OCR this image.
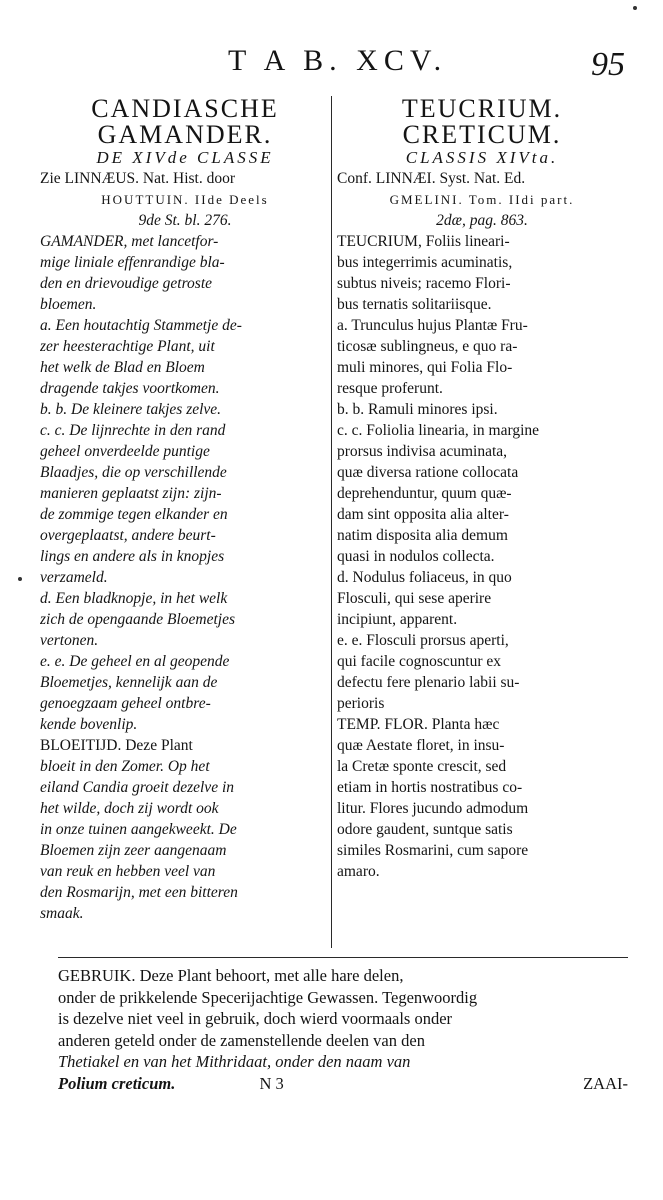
T A B. XCV.	95
CANDIASCHE
GAMANDER.
DE XIVde CLASSE
Zie LINNÆUS. Nat. Hist. door
HOUTTUIN. IIde Deels
9de St. bl. 276.
GAMANDER, met lancetfor-
mige liniale effenrandige bla-
den en drievoudige getroste
bloemen.
a. Een houtachtig Stammetje de-
zer heesterachtige Plant, uit
het welk de Blad en Bloem
dragende takjes voortkomen.
b. b. De kleinere takjes zelve.
c. c. De lijnrechte in den rand
geheel onverdeelde puntige
Blaadjes, die op verschillende
manieren geplaatst zijn: zijn-
de zommige tegen elkander en
overgeplaatst, andere beurt-
lings en andere als in knopjes
verzameld.
d. Een bladknopje, in het welk
zich de opengaande Bloemetjes
vertonen.
e. e. De geheel en al geopende
Bloemetjes, kennelijk aan de
genoegzaam geheel ontbre-
kende bovenlip.
BLOEITIJD. Deze Plant
bloeit in den Zomer. Op het
eiland Candia groeit dezelve in
het wilde, doch zij wordt ook
in onze tuinen aangekweekt. De
Bloemen zijn zeer aangenaam
van reuk en hebben veel van
den Rosmarijn, met een bitteren
smaak.
TEUCRIUM.
CRETICUM.
CLASSIS XIVta.
Conf. LINNÆI. Syst. Nat. Ed.
GMELINI. Tom. IIdi part.
2dæ, pag. 863.
TEUCRIUM, Foliis lineari-
bus integerrimis acuminatis,
subtus niveis; racemo Flori-
bus ternatis solitariisque.
a. Trunculus hujus Plantæ Fru-
ticosæ sublingneus, e quo ra-
muli minores, qui Folia Flo-
resque proferunt.
b. b. Ramuli minores ipsi.
c. c. Foliolia linearia, in margine
prorsus indivisa acuminata,
quæ diversa ratione collocata
deprehenduntur, quum quæ-
dam sint opposita alia alter-
natim disposita alia demum
quasi in nodulos collecta.
d. Nodulus foliaceus, in quo
Flosculi, qui sese aperire
incipiunt, apparent.
e. e. Flosculi prorsus aperti,
qui facile cognoscuntur ex
defectu fere plenario labii su-
perioris
TEMP. FLOR. Planta hæc
quæ Aestate floret, in insu-
la Cretæ sponte crescit, sed
etiam in hortis nostratibus co-
litur. Flores jucundo admodum
odore gaudent, suntque satis
similes Rosmarini, cum sapore
amaro.
GEBRUIK. Deze Plant behoort, met alle hare delen,
onder de prikkelende Specerijachtige Gewassen. Tegenwoordig
is dezelve niet veel in gebruik, doch wierd voormaals onder
anderen geteld onder de zamenstellende deelen van den
Thetiakel en van het Mithridaat, onder den naam van
Polium creticum.	N 3	ZAAI-
